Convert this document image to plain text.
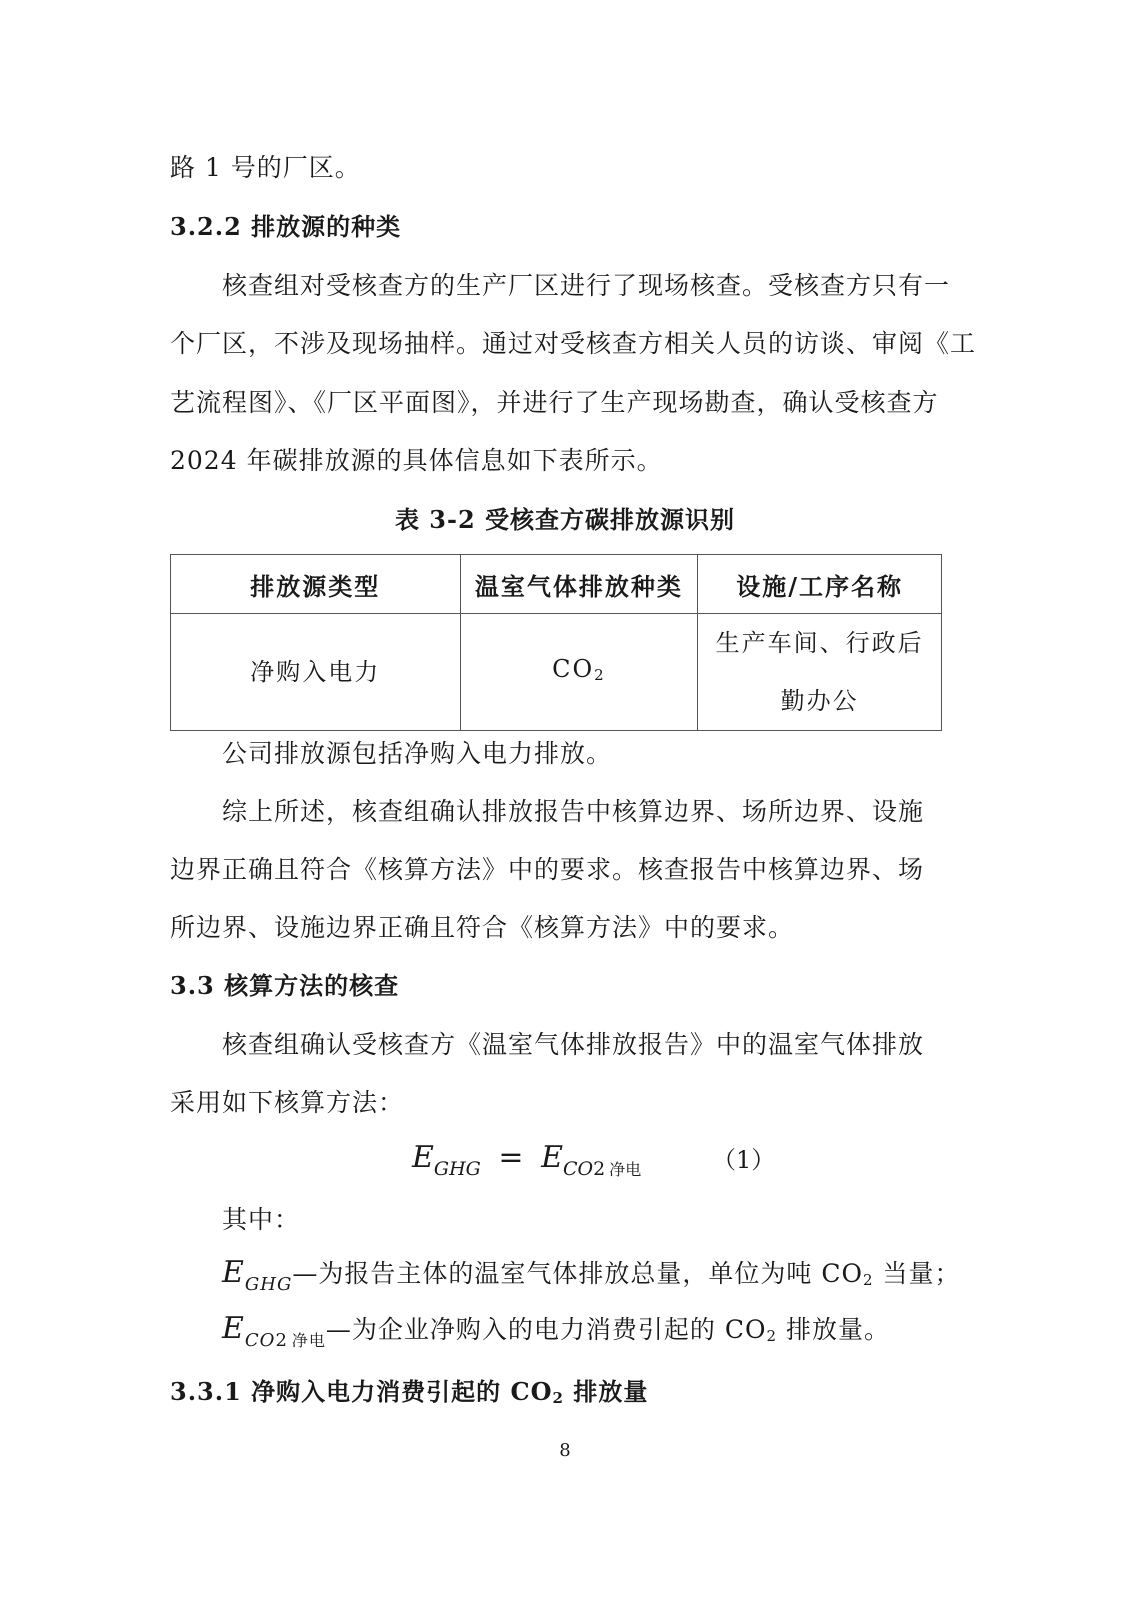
路 1 号的厂区。
3.2.2 排放源的种类
核查组对受核查方的生产厂区进行了现场核查。受核查方只有一
个厂区，不涉及现场抽样。通过对受核查方相关人员的访谈、审阅《工
艺流程图》、《厂区平面图》，并进行了生产现场勘查，确认受核查方
2024 年碳排放源的具体信息如下表所示。
表 3-2 受核查方碳排放源识别
排放源类型	温室气体排放种类	设施/工序名称
净购入电力	$CO_2$	生产车间、行政后
勤办公
公司排放源包括净购入电力排放。
综上所述，核查组确认排放报告中核算边界、场所边界、设施
边界正确且符合《核算方法》中的要求。核查报告中核算边界、场
所边界、设施边界正确且符合《核算方法》中的要求。
3.3 核算方法的核查
核查组确认受核查方《温室气体排放报告》中的温室气体排放
采用如下核算方法：
$E_{GHG} = E_{CO2}$ $_{净电}$	（1）
其中：
$E_{GHG}—$为报告主体的温室气体排放总量，单位为吨 $CO_2$ 当量；
$E_{CO2}$ $_{净电}$—为企业净购入的电力消费引起的 $CO_2$ 排放量。
3.3.1 净购入电力消费引起的 $CO_2$ 排放量
8
